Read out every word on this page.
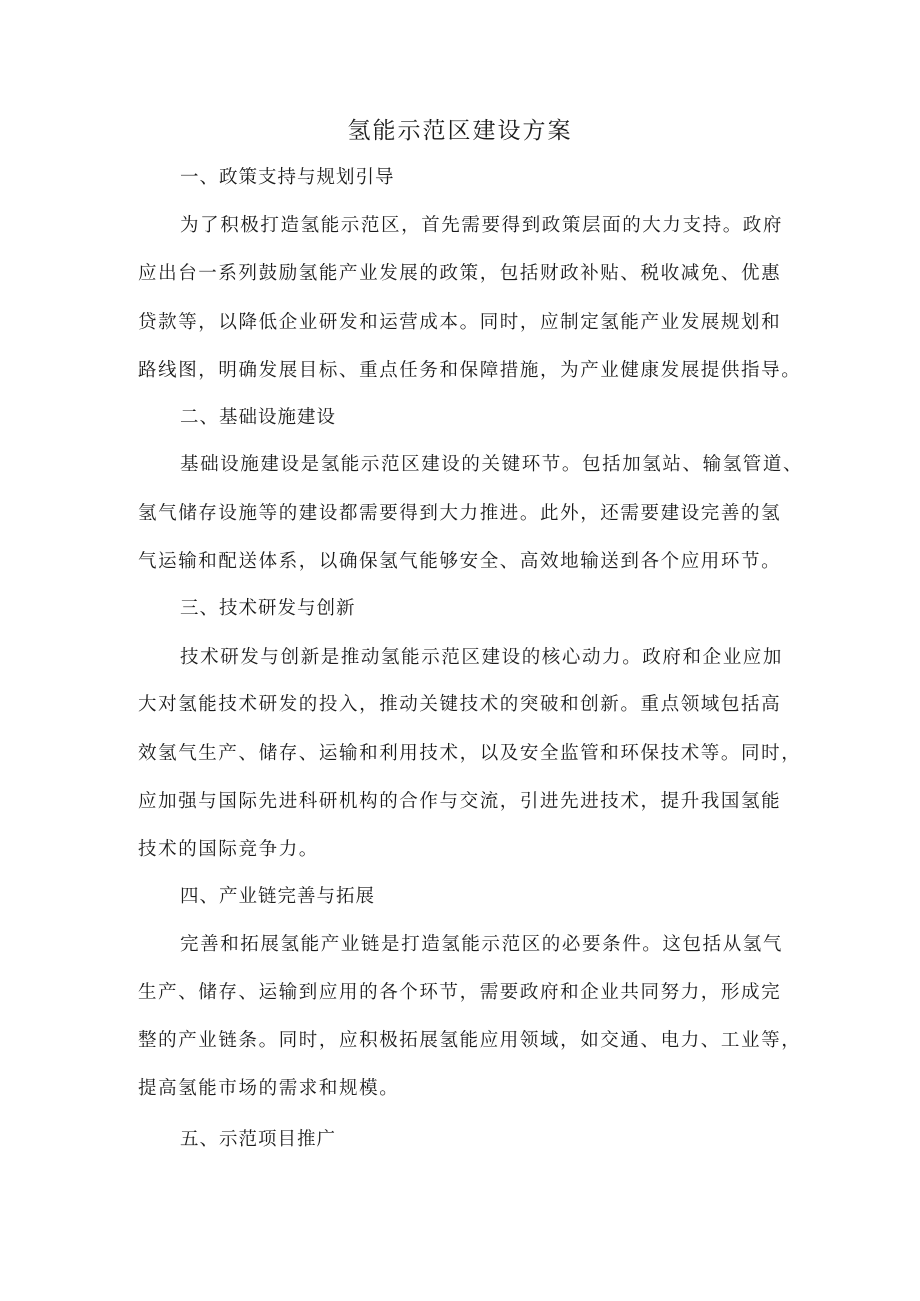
氢能示范区建设方案
一、政策支持与规划引导
为了积极打造氢能示范区，首先需要得到政策层面的大力支持。政府
应出台一系列鼓励氢能产业发展的政策，包括财政补贴、税收减免、优惠
贷款等，以降低企业研发和运营成本。同时，应制定氢能产业发展规划和
路线图，明确发展目标、重点任务和保障措施，为产业健康发展提供指导。
二、基础设施建设
基础设施建设是氢能示范区建设的关键环节。包括加氢站、输氢管道、
氢气储存设施等的建设都需要得到大力推进。此外，还需要建设完善的氢
气运输和配送体系，以确保氢气能够安全、高效地输送到各个应用环节。
三、技术研发与创新
技术研发与创新是推动氢能示范区建设的核心动力。政府和企业应加
大对氢能技术研发的投入，推动关键技术的突破和创新。重点领域包括高
效氢气生产、储存、运输和利用技术，以及安全监管和环保技术等。同时，
应加强与国际先进科研机构的合作与交流，引进先进技术，提升我国氢能
技术的国际竞争力。
四、产业链完善与拓展
完善和拓展氢能产业链是打造氢能示范区的必要条件。这包括从氢气
生产、储存、运输到应用的各个环节，需要政府和企业共同努力，形成完
整的产业链条。同时，应积极拓展氢能应用领域，如交通、电力、工业等，
提高氢能市场的需求和规模。
五、示范项目推广
